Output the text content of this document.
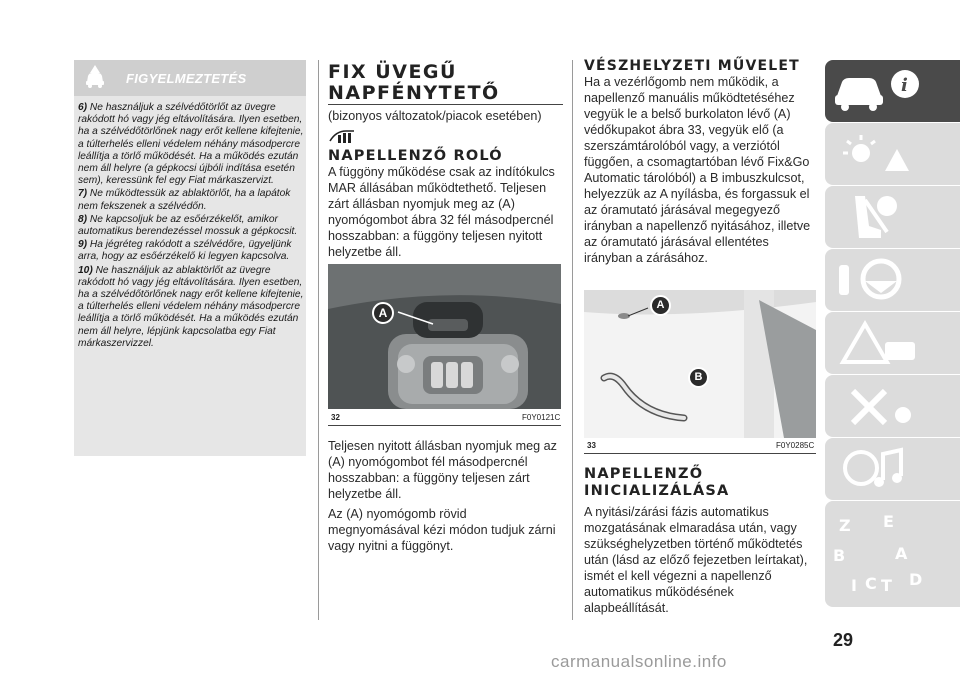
FIGYELMEZTETÉS

6) Ne használjuk a szélvédőtörlőt az üvegre rakódott hó vagy jég eltávolítására. Ilyen esetben, ha a szélvédőtörlőnek nagy erőt kellene kifejtenie, a túlterhelés elleni védelem néhány másodpercre leállítja a törlő működését. Ha a működés ezután nem áll helyre (a gépkocsi újbóli indítása esetén sem), keressünk fel egy Fiat márkaszervizt.

7) Ne működtessük az ablaktörlőt, ha a lapátok nem fekszenek a szélvédőn.

8) Ne kapcsoljuk be az esőérzékelőt, amikor automatikus berendezéssel mossuk a gépkocsit.

9) Ha jégréteg rakódott a szélvédőre, ügyeljünk arra, hogy az esőérzékelő ki legyen kapcsolva.

10) Ne használjuk az ablaktörlőt az üvegre rakódott hó vagy jég eltávolítására. Ilyen esetben, ha a szélvédőtörlőnek nagy erőt kellene kifejtenie, a túlterhelés elleni védelem néhány másodpercre leállítja a törlő működését. Ha a működés ezután nem áll helyre, lépjünk kapcsolatba egy Fiat márkaszervizzel.

FIX ÜVEGŰ
NAPFÉNYTETŐ
(bizonyos változatok/piacok esetében)
NAPELLENZŐ ROLÓ
A függöny működése csak az indítókulcs MAR állásában működtethető. Teljesen zárt állásban nyomjuk meg az (A) nyomógombot ábra 32 fél másodpercnél hosszabban: a függöny teljesen nyitott helyzetbe áll.
A
32	F0Y0121C

Teljesen nyitott állásban nyomjuk meg az (A) nyomógombot fél másodpercnél hosszabban: a függöny teljesen zárt helyzetbe áll.

Az (A) nyomógomb rövid megnyomásával kézi módon tudjuk zárni vagy nyitni a függönyt.

VÉSZHELYZETI MŰVELET
Ha a vezérlőgomb nem működik, a napellenző manuális működtetéséhez vegyük le a belső burkolaton lévő (A) védőkupakot ábra 33, vegyük elő (a szerszámtárolóból vagy, a verziótól függően, a csomagtartóban lévő Fix&Go Automatic tárolóból) a B imbuszkulcsot, helyezzük az A nyílásba, és forgassuk el az óramutató járásával megegyező irányban a napellenző nyitásához, illetve az óramutató járásával ellentétes irányban a zárásához.
A
B
33	F0Y0285C
NAPELLENZŐ
INICIALIZÁLÁSA
A nyitási/zárási fázis automatikus mozgatásának elmaradása után, vagy szükséghelyzetben történő működtetés után (lásd az előző fejezetben leírtakat), ismét el kell végezni a napellenző automatikus működésének alapbeállítását.
i
Z E
B	A
I C T D
29
carmanualsonline.info
